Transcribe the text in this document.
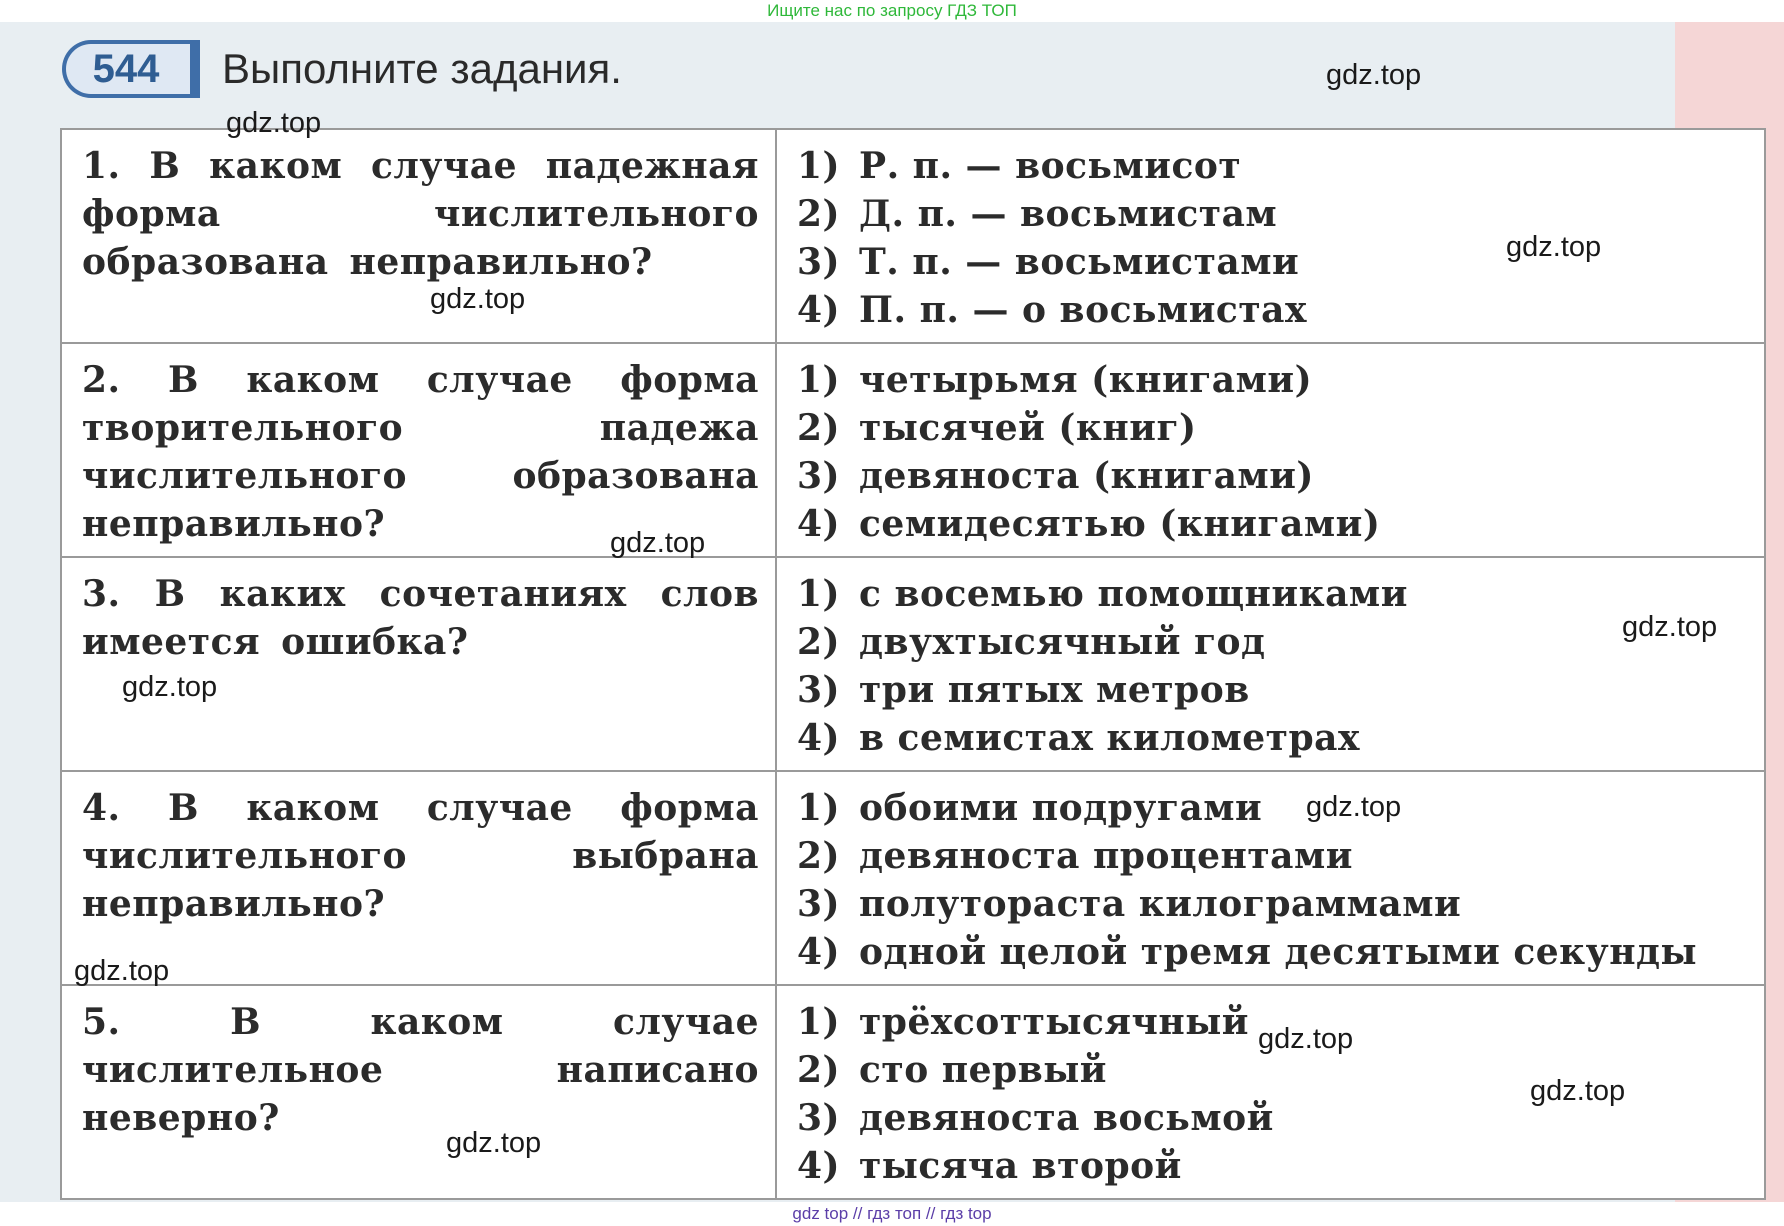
Ищите нас по запросу ГДЗ ТОП
544	Выполните задания.
1. В каком случае падежная форма числительного образована неправильно?	1) Р. п. — восьмисот
2) Д. п. — восьмистам
3) Т. п. — восьмистами
4) П. п. — о восьмистах

2. В каком случае форма творительного падежа числительного образована неправильно?	1) четырьмя (книгами)
2) тысячей (книг)
3) девяноста (книгами)
4) семидесятью (книгами)

3. В каких сочетаниях слов имеется ошибка?	1) с восемью помощниками
2) двухтысячный год
3) три пятых метров
4) в семистах километрах

4. В каком случае форма числительного выбрана неправильно?	1) обоими подругами
2) девяноста процентами
3) полутораста килограммами
4) одной целой тремя десятыми секунды

5. В каком случае числительное написано неверно?	1) трёхсоттысячный
2) сто первый
3) девяноста восьмой
4) тысяча второй
gdz.top
gdz.top
gdz.top
gdz.top
gdz.top
gdz.top
gdz.top
gdz.top
gdz.top
gdz.top
gdz.top
gdz.top
gdz top // гдз топ // гдз top
